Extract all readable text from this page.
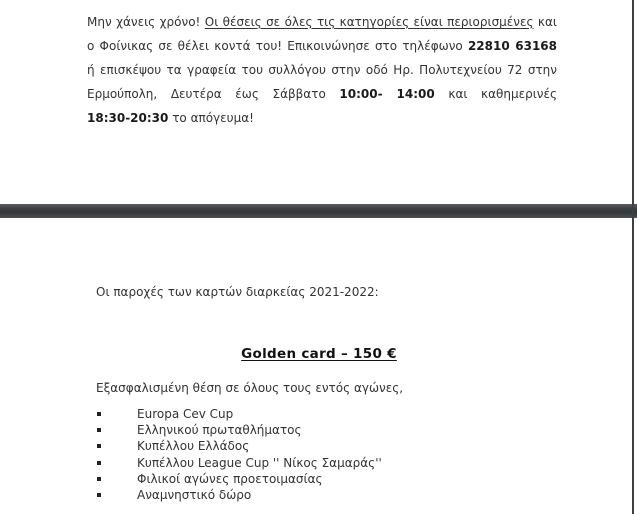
Μην χάνεις χρόνο! Οι θέσεις σε όλες τις κατηγορίες είναι περιορισμένες και
ο Φοίνικας σε θέλει κοντά του! Επικοινώνησε στο τηλέφωνο 22810 63168
ή επισκέψου τα γραφεία του συλλόγου στην οδό Ηρ. Πολυτεχνείου 72 στην
Ερμούπολη, Δευτέρα έως Σάββατο 10:00- 14:00 και καθημερινές
18:30-20:30 το απόγευμα!
Οι παροχές των καρτών διαρκείας 2021-2022:
Golden card – 150 €
Εξασφαλισμένη θέση σε όλους τους εντός αγώνες,
Europa Cev Cup
Ελληνικού πρωταθλήματος
Κυπέλλου Ελλάδος
Κυπέλλου League Cup '' Νίκος Σαμαράς''
Φιλικοί αγώνες προετοιμασίας
Αναμνηστικό δώρο
